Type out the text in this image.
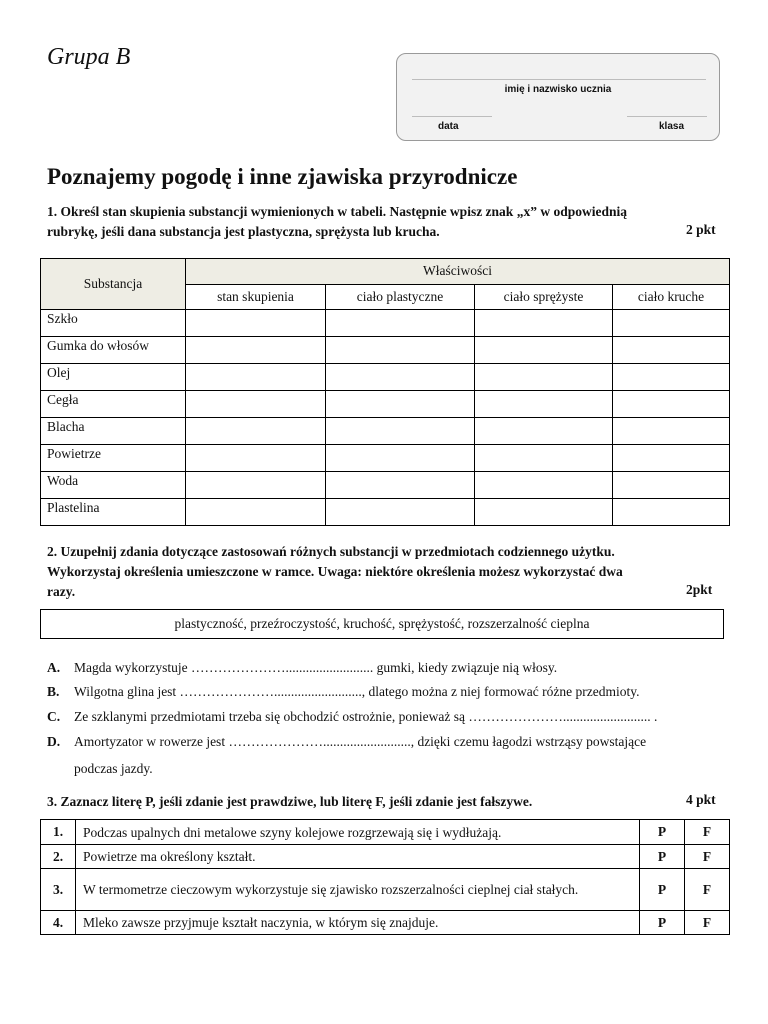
Grupa B
imię i nazwisko ucznia
data	klasa
Poznajemy pogodę i inne zjawiska przyrodnicze
1. Określ stan skupienia substancji wymienionych w tabeli. Następnie wpisz znak „x” w odpowiednią
rubrykę, jeśli dana substancja jest plastyczna, sprężysta lub krucha.	2 pkt
Substancja	Właściwości			
	stan skupienia	ciało plastyczne	ciało sprężyste	ciało kruche
Szkło				
Gumka do włosów				
Olej				
Cegła				
Blacha				
Powietrze				
Woda				
Plastelina				
2. Uzupełnij zdania dotyczące zastosowań różnych substancji w przedmiotach codziennego użytku.
Wykorzystaj określenia umieszczone w ramce. Uwaga: niektóre określenia możesz wykorzystać dwa
razy.	2pkt
plastyczność, przeźroczystość, kruchość, sprężystość, rozszerzalność cieplna
A. Magda wykorzystuje ………………….......................... gumki, kiedy związuje nią włosy.
B. Wilgotna glina jest ………………….........................., dlatego można z niej formować różne przedmioty.
C. Ze szklanymi przedmiotami trzeba się obchodzić ostrożnie, ponieważ są ………………….......................... .
D. Amortyzator w rowerze jest ………………….........................., dzięki czemu łagodzi wstrząsy powstające
podczas jazdy.
3. Zaznacz literę P, jeśli zdanie jest prawdziwe, lub literę F, jeśli zdanie jest fałszywe.	4 pkt
1.	Podczas upalnych dni metalowe szyny kolejowe rozgrzewają się i wydłużają.	P	F
2.	Powietrze ma określony kształt.	P	F
3.	W termometrze cieczowym wykorzystuje się zjawisko rozszerzalności cieplnej ciał stałych.	P	F
4.	Mleko zawsze przyjmuje kształt naczynia, w którym się znajduje.	P	F
